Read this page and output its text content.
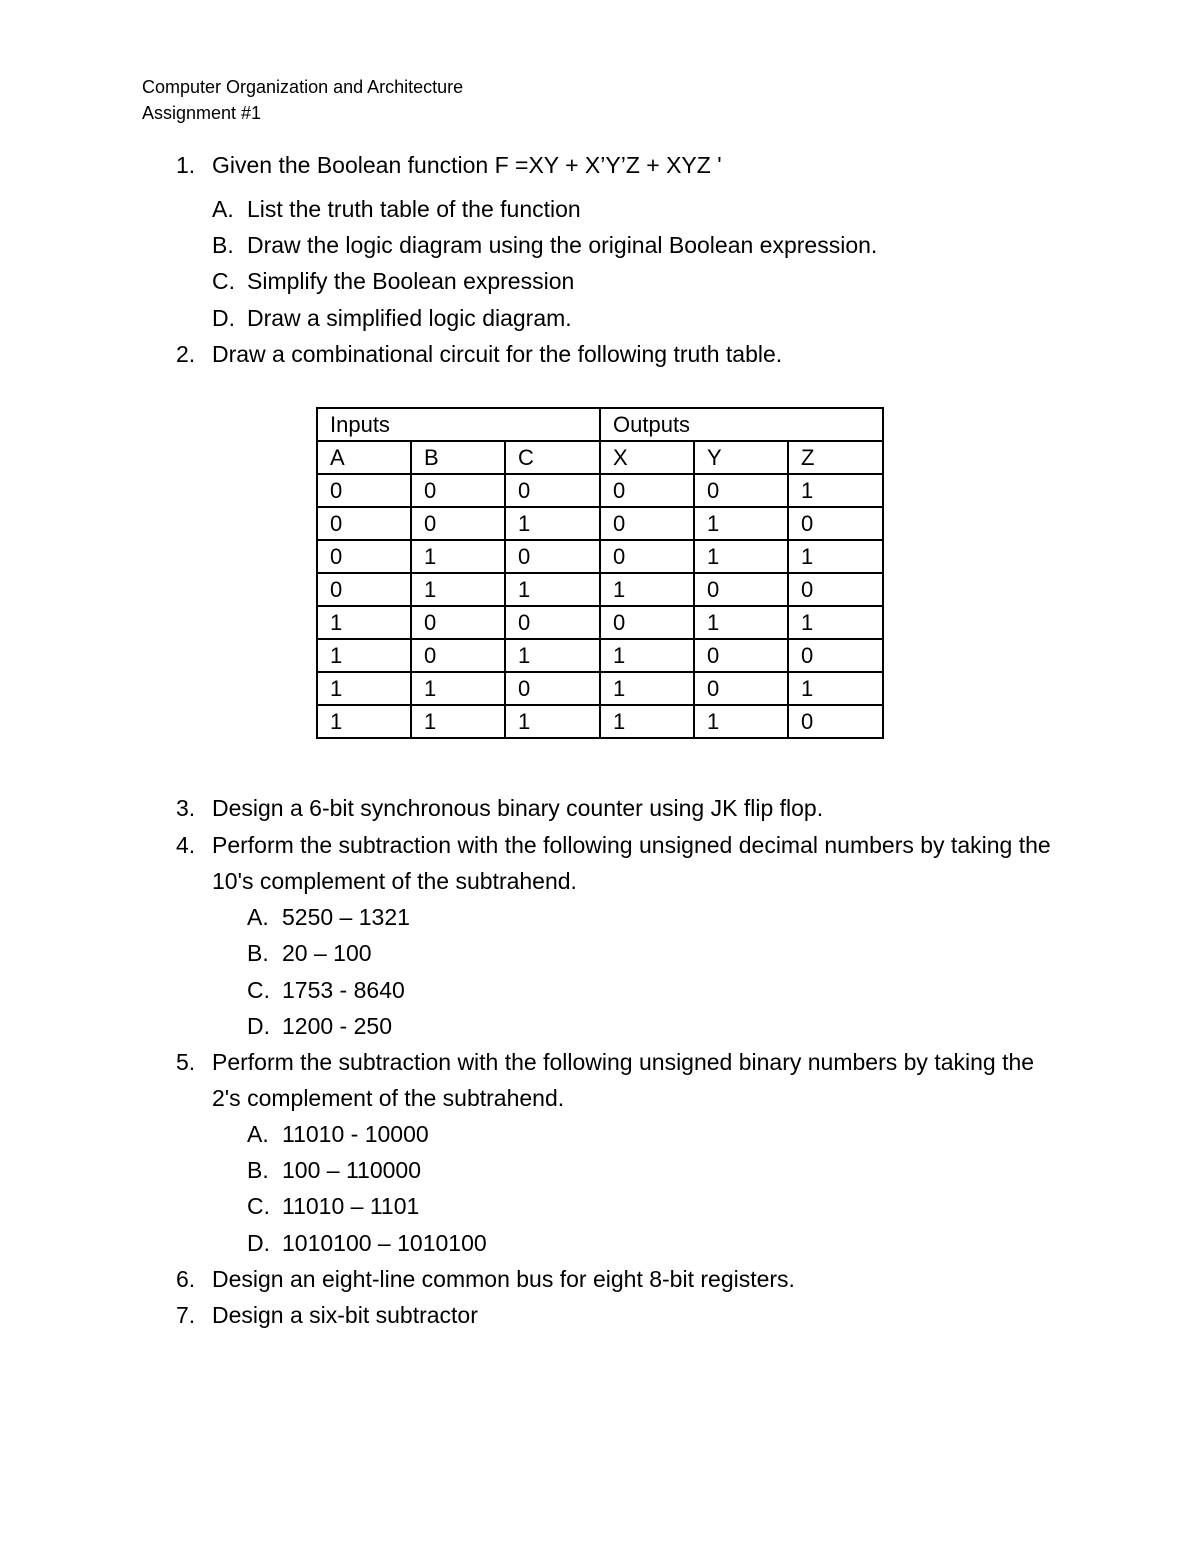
Computer Organization and Architecture
Assignment #1
1. Given the Boolean function F =XY + X’Y’Z + XYZ '
A. List the truth table of the function
B. Draw the logic diagram using the original Boolean expression.
C. Simplify the Boolean expression
D. Draw a simplified logic diagram.
2. Draw a combinational circuit for the following truth table.
Inputs			Outputs		
A	B	C	X	Y	Z
0	0	0	0	0	1
0	0	1	0	1	0
0	1	0	0	1	1
0	1	1	1	0	0
1	0	0	0	1	1
1	0	1	1	0	0
1	1	0	1	0	1
1	1	1	1	1	0
3. Design a 6-bit synchronous binary counter using JK flip flop.
4. Perform the subtraction with the following unsigned decimal numbers by taking the 10's complement of the subtrahend.
A. 5250 – 1321
B. 20 – 100
C. 1753 - 8640
D. 1200 - 250
5. Perform the subtraction with the following unsigned binary numbers by taking the 2's complement of the subtrahend.
A. 11010 - 10000
B. 100 – 110000
C. 11010 – 1101
D. 1010100 – 1010100
6. Design an eight-line common bus for eight 8-bit registers.
7. Design a six-bit subtractor
